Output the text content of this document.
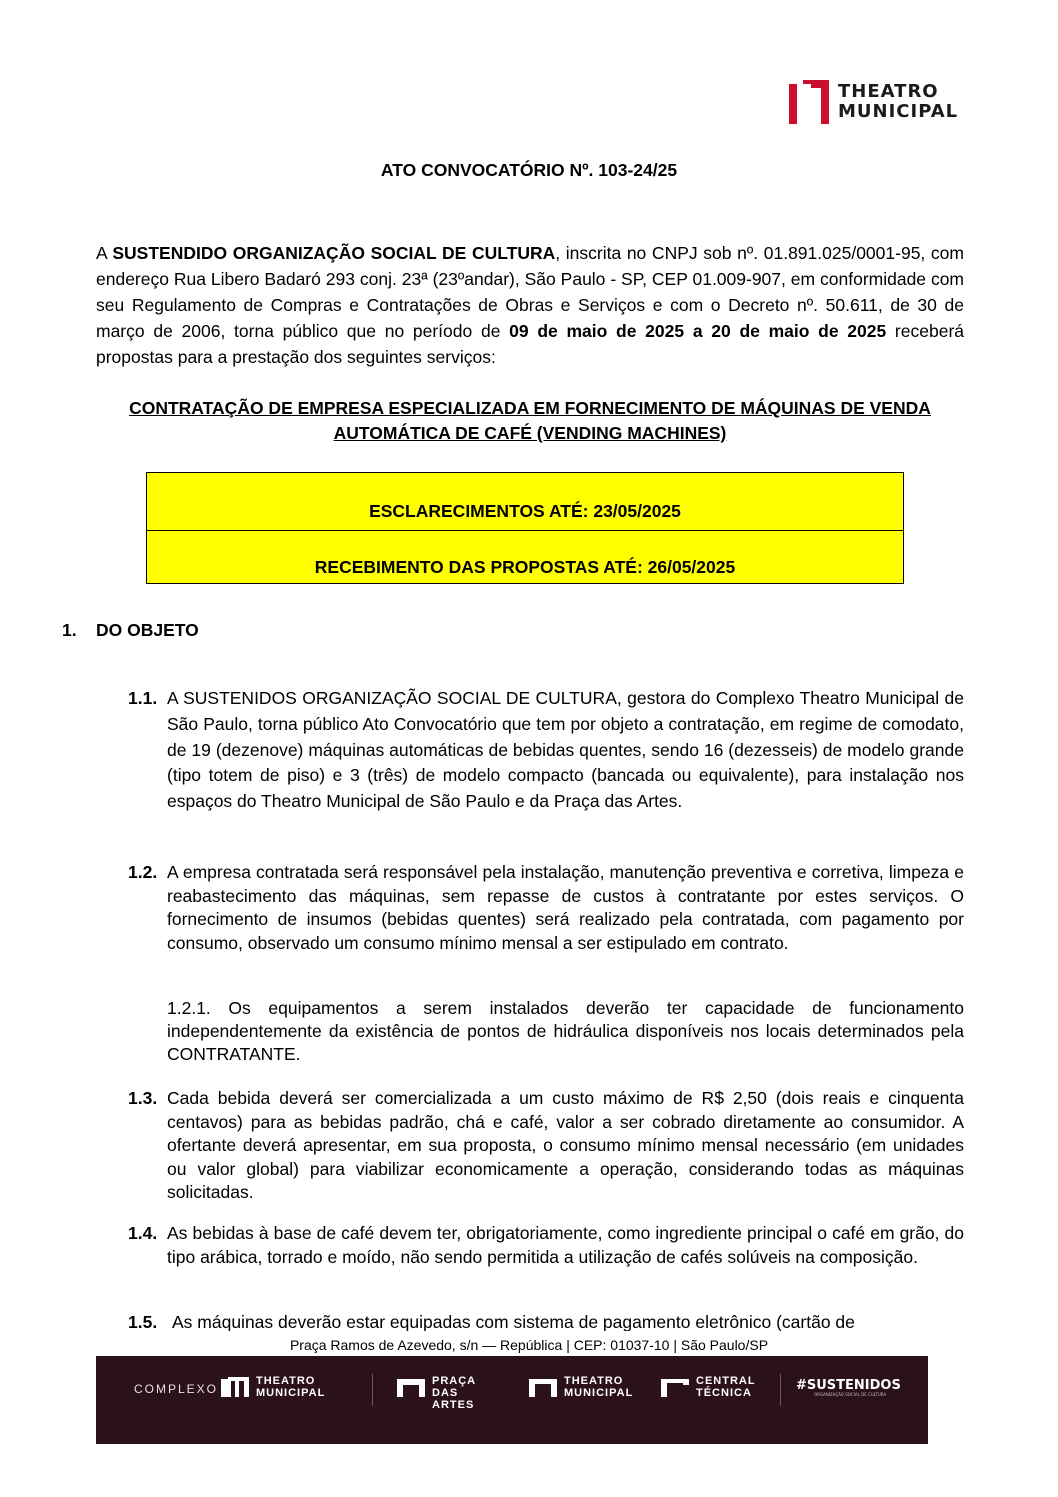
THEATRO
MUNICIPAL
ATO CONVOCATÓRIO Nº. 103-24/25
A SUSTENDIDO ORGANIZAÇÃO SOCIAL DE CULTURA, inscrita no CNPJ sob nº. 01.891.025/0001-95, com endereço Rua Libero Badaró 293 conj. 23ª (23ºandar), São Paulo - SP, CEP 01.009-907, em conformidade com seu Regulamento de Compras e Contratações de Obras e Serviços e com o Decreto nº. 50.611, de 30 de março de 2006, torna público que no período de 09 de maio de 2025 a 20 de maio de 2025 receberá propostas para a prestação dos seguintes serviços:
CONTRATAÇÃO DE EMPRESA ESPECIALIZADA EM FORNECIMENTO DE MÁQUINAS DE VENDA AUTOMÁTICA DE CAFÉ (VENDING MACHINES)
ESCLARECIMENTOS ATÉ: 23/05/2025
RECEBIMENTO DAS PROPOSTAS ATÉ: 26/05/2025
1. DO OBJETO
1.1. A SUSTENIDOS ORGANIZAÇÃO SOCIAL DE CULTURA, gestora do Complexo Theatro Municipal de São Paulo, torna público Ato Convocatório que tem por objeto a contratação, em regime de comodato, de 19 (dezenove) máquinas automáticas de bebidas quentes, sendo 16 (dezesseis) de modelo grande (tipo totem de piso) e 3 (três) de modelo compacto (bancada ou equivalente), para instalação nos espaços do Theatro Municipal de São Paulo e da Praça das Artes.
1.2. A empresa contratada será responsável pela instalação, manutenção preventiva e corretiva, limpeza e reabastecimento das máquinas, sem repasse de custos à contratante por estes serviços. O fornecimento de insumos (bebidas quentes) será realizado pela contratada, com pagamento por consumo, observado um consumo mínimo mensal a ser estipulado em contrato.
1.2.1. Os equipamentos a serem instalados deverão ter capacidade de funcionamento independentemente da existência de pontos de hidráulica disponíveis nos locais determinados pela CONTRATANTE.
1.3. Cada bebida deverá ser comercializada a um custo máximo de R$ 2,50 (dois reais e cinquenta centavos) para as bebidas padrão, chá e café, valor a ser cobrado diretamente ao consumidor. A ofertante deverá apresentar, em sua proposta, o consumo mínimo mensal necessário (em unidades ou valor global) para viabilizar economicamente a operação, considerando todas as máquinas solicitadas.
1.4. As bebidas à base de café devem ter, obrigatoriamente, como ingrediente principal o café em grão, do tipo arábica, torrado e moído, não sendo permitida a utilização de cafés solúveis na composição.
1.5. As máquinas deverão estar equipadas com sistema de pagamento eletrônico (cartão de
Praça Ramos de Azevedo, s/n — República | CEP: 01037-10 | São Paulo/SP
COMPLEXO
THEATRO
MUNICIPAL
PRAÇA
DAS ARTES
THEATRO
MUNICIPAL
CENTRAL
TÉCNICA	#SUSTENIDOS
ORGANIZAÇÃO SOCIAL DE CULTURA
